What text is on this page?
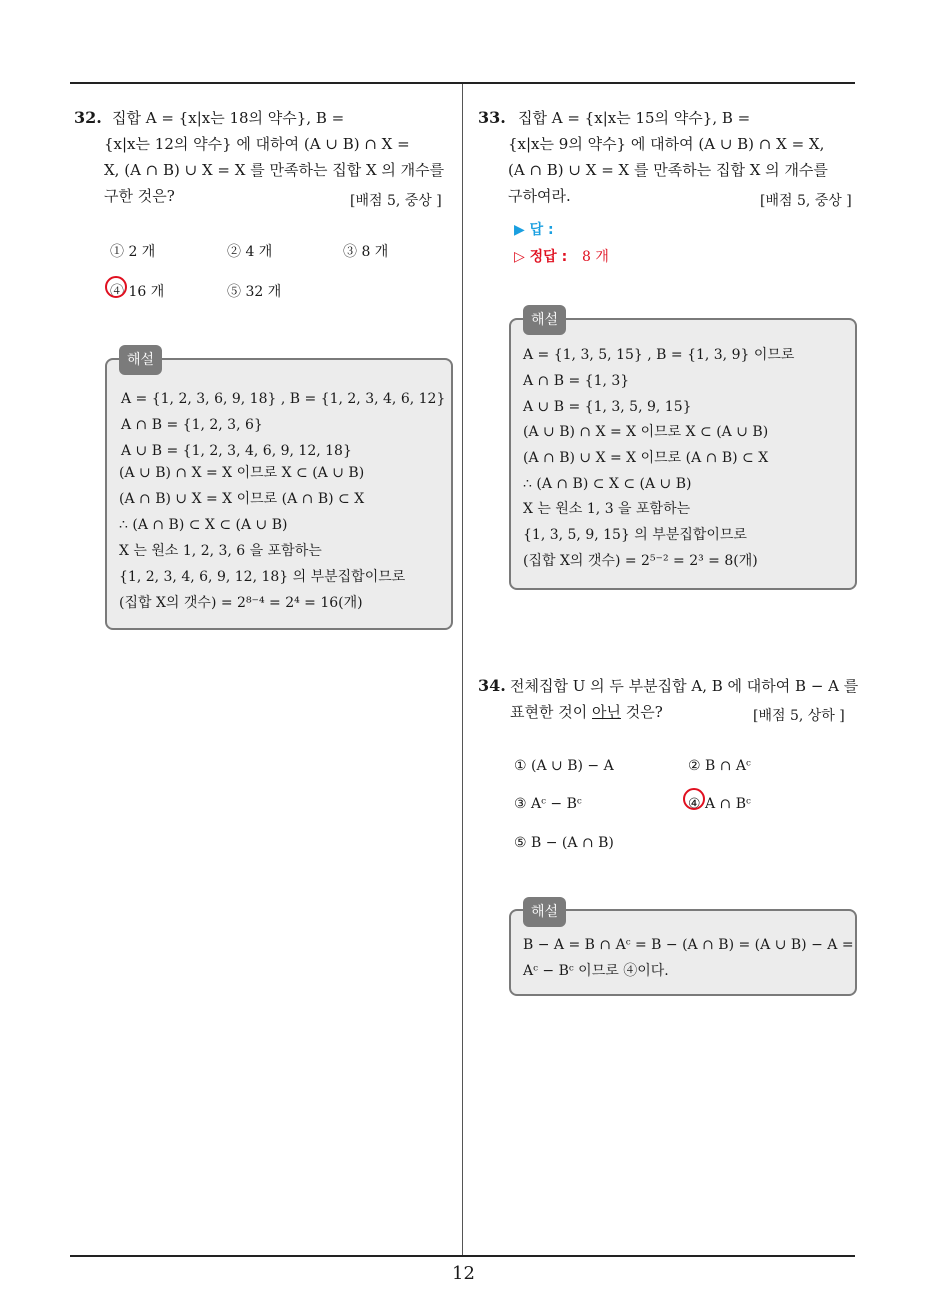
12
32. 집합 A = {x|x는 18의 약수}, B =
{x|x는 12의 약수} 에 대하여 (A ∪ B) ∩ X =
X, (A ∩ B) ∪ X = X 를 만족하는 집합 X 의 개수를
구한 것은?	[배점 5, 중상 ]
① 2 개	② 4 개	③ 8 개
④ 16 개	⑤ 32 개
해설
A = {1, 2, 3, 6, 9, 18} , B = {1, 2, 3, 4, 6, 12}
A ∩ B = {1, 2, 3, 6}
A ∪ B = {1, 2, 3, 4, 6, 9, 12, 18}
(A ∪ B) ∩ X = X 이므로 X ⊂ (A ∪ B)
(A ∩ B) ∪ X = X 이므로 (A ∩ B) ⊂ X
∴ (A ∩ B) ⊂ X ⊂ (A ∪ B)
X 는 원소 1, 2, 3, 6 을 포함하는
{1, 2, 3, 4, 6, 9, 12, 18} 의 부분집합이므로
(집합 X의 갯수) = 2⁸⁻⁴ = 2⁴ = 16(개)
33. 집합 A = {x|x는 15의 약수}, B =
{x|x는 9의 약수} 에 대하여 (A ∪ B) ∩ X = X,
(A ∩ B) ∪ X = X 를 만족하는 집합 X 의 개수를
구하여라.	[배점 5, 중상 ]
▶ 답 :
▷ 정답 : 8 개
해설
A = {1, 3, 5, 15} , B = {1, 3, 9} 이므로
A ∩ B = {1, 3}
A ∪ B = {1, 3, 5, 9, 15}
(A ∪ B) ∩ X = X 이므로 X ⊂ (A ∪ B)
(A ∩ B) ∪ X = X 이므로 (A ∩ B) ⊂ X
∴ (A ∩ B) ⊂ X ⊂ (A ∪ B)
X 는 원소 1, 3 을 포함하는
{1, 3, 5, 9, 15} 의 부분집합이므로
(집합 X의 갯수) = 2⁵⁻² = 2³ = 8(개)
34. 전체집합 U 의 두 부분집합 A, B 에 대하여 B − A 를
표현한 것이 아닌 것은?	[배점 5, 상하 ]
① (A ∪ B) − A	② B ∩ Aᶜ
③ Aᶜ − Bᶜ	④ A ∩ Bᶜ
⑤ B − (A ∩ B)
해설
B − A = B ∩ Aᶜ = B − (A ∩ B) = (A ∪ B) − A =
Aᶜ − Bᶜ 이므로 ④이다.
